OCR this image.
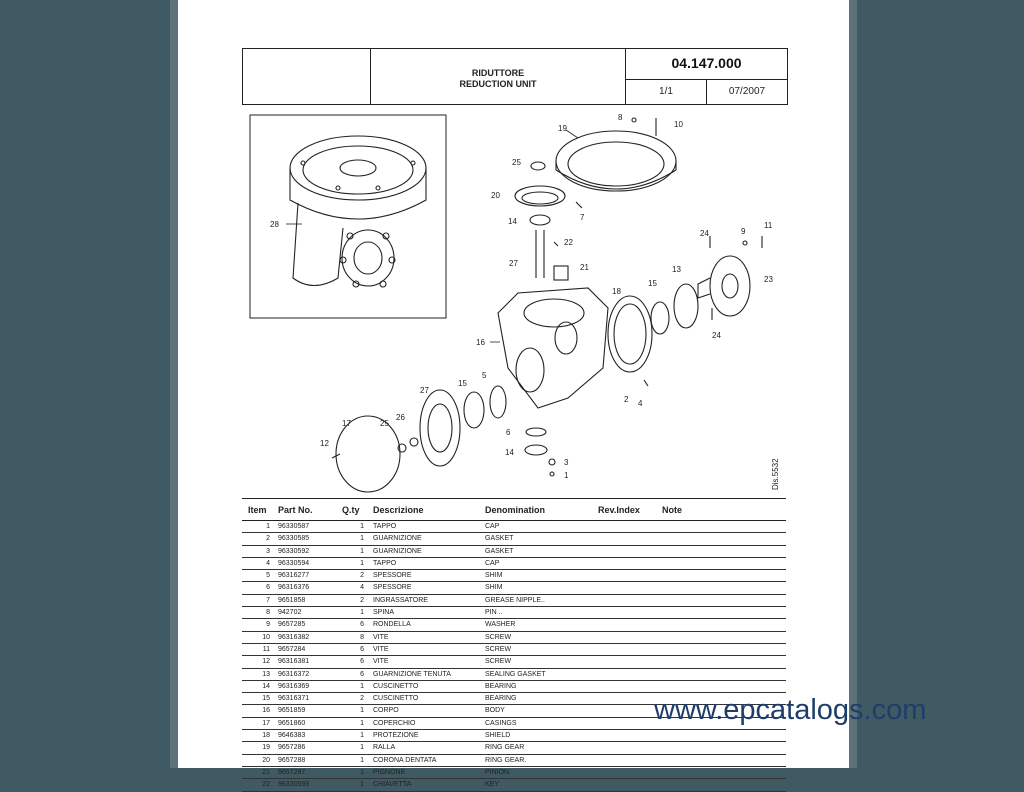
RIDUTTORE
REDUCTION UNIT
04.147.000
1/1	07/2007
28
19
8
10
25
20
14
27	21
22
7
16
18
15
13
23
24
24
9
11
2 4
27
15
5
26
25
17
12
6
14
3
1	Dis.5532
Item Part No.	Q.ty Descrizione	Denomination	Rev.Index Note
1 96330587	1 TAPPO	CAP
2 96330585	1 GUARNIZIONE	GASKET
3 96330592	1 GUARNIZIONE	GASKET
4 96330594	1 TAPPO	CAP
5 96316277	2 SPESSORE	SHIM
6 96316376	4 SPESSORE	SHIM
7 9651858	2 INGRASSATORE	GREASE NIPPLE..
8 942702	1 SPINA	PIN ..
9 9657285	6 RONDELLA	WASHER
10 96316382	8 VITE	SCREW
11 9657284	6 VITE	SCREW
12 96316381	6 VITE	SCREW
13 96316372	6 GUARNIZIONE TENUTA	SEALING GASKET
14 96316369	1 CUSCINETTO	BEARING
15 96316371	2 CUSCINETTO	BEARING
16 9651859	1 CORPO	BODY
17 9651860	1 COPERCHIO	CASINGS
18 9646383	1 PROTEZIONE	SHIELD
19 9657286	1 RALLA	RING GEAR
20 9657288	1 CORONA DENTATA	RING GEAR.
21 9657287	1 PIGNONE	PINION
22 96330593	1 CHIAVETTA	KEY
www.epcatalogs.com
